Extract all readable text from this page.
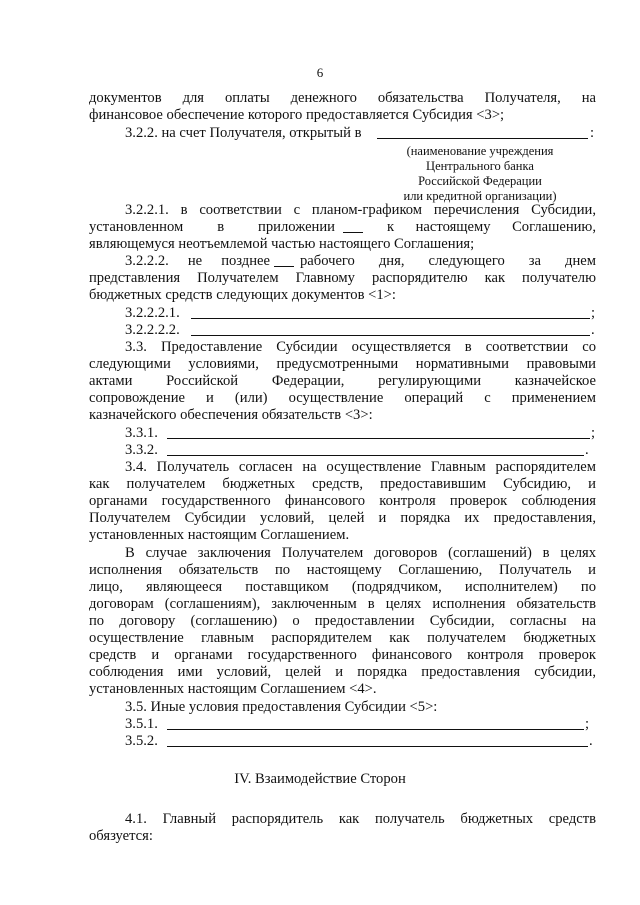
6
документов для оплаты денежного обязательства Получателя, на
финансовое обеспечение которого предоставляется Субсидия <3>;
3.2.2. на счет Получателя, открытый в	:
(наименование учреждения
Центрального банка
Российской Федерации
или кредитной организации)
3.2.2.1. в соответствии с планом-графиком перечисления Субсидии,
установленном в приложении	к настоящему Соглашению,
являющемуся неотъемлемой частью настоящего Соглашения;
3.2.2.2. не позднее рабочего дня, следующего за днем
представления Получателем Главному распорядителю как получателю
бюджетных средств следующих документов <1>:
3.2.2.2.1.	;
3.2.2.2.2.	.
3.3. Предоставление Субсидии осуществляется в соответствии со
следующими условиями, предусмотренными нормативными правовыми
актами Российской Федерации, регулирующими казначейское
сопровождение и (или) осуществление операций с применением
казначейского обеспечения обязательств <3>:
3.3.1.	;
3.3.2.	.
3.4. Получатель согласен на осуществление Главным распорядителем
как получателем бюджетных средств, предоставившим Субсидию, и
органами государственного финансового контроля проверок соблюдения
Получателем Субсидии условий, целей и порядка их предоставления,
установленных настоящим Соглашением.
В случае заключения Получателем договоров (соглашений) в целях
исполнения обязательств по настоящему Соглашению, Получатель и
лицо, являющееся поставщиком (подрядчиком, исполнителем) по
договорам (соглашениям), заключенным в целях исполнения обязательств
по договору (соглашению) о предоставлении Субсидии, согласны на
осуществление главным распорядителем как получателем бюджетных
средств и органами государственного финансового контроля проверок
соблюдения ими условий, целей и порядка предоставления субсидии,
установленных настоящим Соглашением <4>.
3.5. Иные условия предоставления Субсидии <5>:
3.5.1.	;
3.5.2.	.
IV. Взаимодействие Сторон
4.1. Главный распорядитель как получатель бюджетных средств
обязуется:
